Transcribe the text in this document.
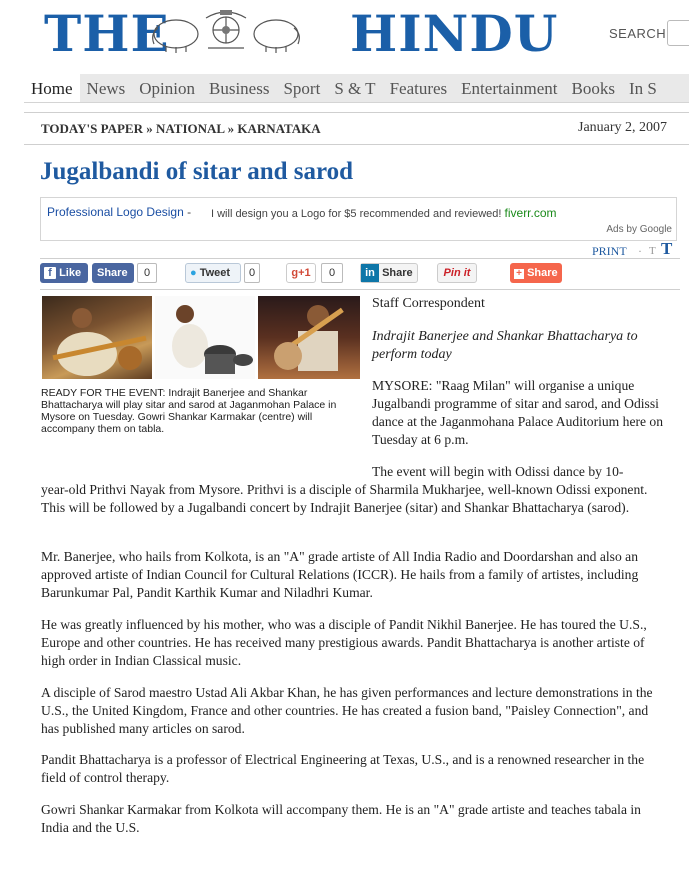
THE	HINDU	SEARCH
Home News Opinion Business Sport S & T Features Entertainment Books In S
TODAY'S PAPER » NATIONAL » KARNATAKA	January 2, 2007
Jugalbandi of sitar and sarod
Professional Logo Design - I will design you a Logo for $5 recommended and reviewed! fiverr.com
Ads by Google
PRINT · T T
f Like	Share	0	● Tweet	0	g+1	0	in Share	Pin it	+ Share

READY FOR THE EVENT: Indrajit Banerjee and Shankar Bhattacharya will play sitar and sarod at Jaganmohan Palace in Mysore on Tuesday. Gowri Shankar Karmakar (centre) will accompany them on tabla.

Staff Correspondent
Indrajit Banerjee and Shankar Bhattacharya to perform today

MYSORE: "Raag Milan" will organise a unique Jugalbandi programme of sitar and sarod, and Odissi dance at the Jaganmohana Palace Auditorium here on Tuesday at 6 p.m.

The event will begin with Odissi dance by 10-

year-old Prithvi Nayak from Mysore. Prithvi is a disciple of Sharmila Mukharjee, well-known Odissi exponent. This will be followed by a Jugalbandi concert by Indrajit Banerjee (sitar) and Shankar Bhattacharya (sarod).

Mr. Banerjee, who hails from Kolkota, is an "A" grade artiste of All India Radio and Doordarshan and also an approved artiste of Indian Council for Cultural Relations (ICCR). He hails from a family of artistes, including Barunkumar Pal, Pandit Karthik Kumar and Niladhri Kumar.

He was greatly influenced by his mother, who was a disciple of Pandit Nikhil Banerjee. He has toured the U.S., Europe and other countries. He has received many prestigious awards. Pandit Bhattacharya is another artiste of high order in Indian Classical music.

A disciple of Sarod maestro Ustad Ali Akbar Khan, he has given performances and lecture demonstrations in the U.S., the United Kingdom, France and other countries. He has created a fusion band, "Paisley Connection", and has published many articles on sarod.

Pandit Bhattacharya is a professor of Electrical Engineering at Texas, U.S., and is a renowned researcher in the field of control therapy.

Gowri Shankar Karmakar from Kolkota will accompany them. He is an "A" grade artiste and teaches tabala in India and the U.S.
